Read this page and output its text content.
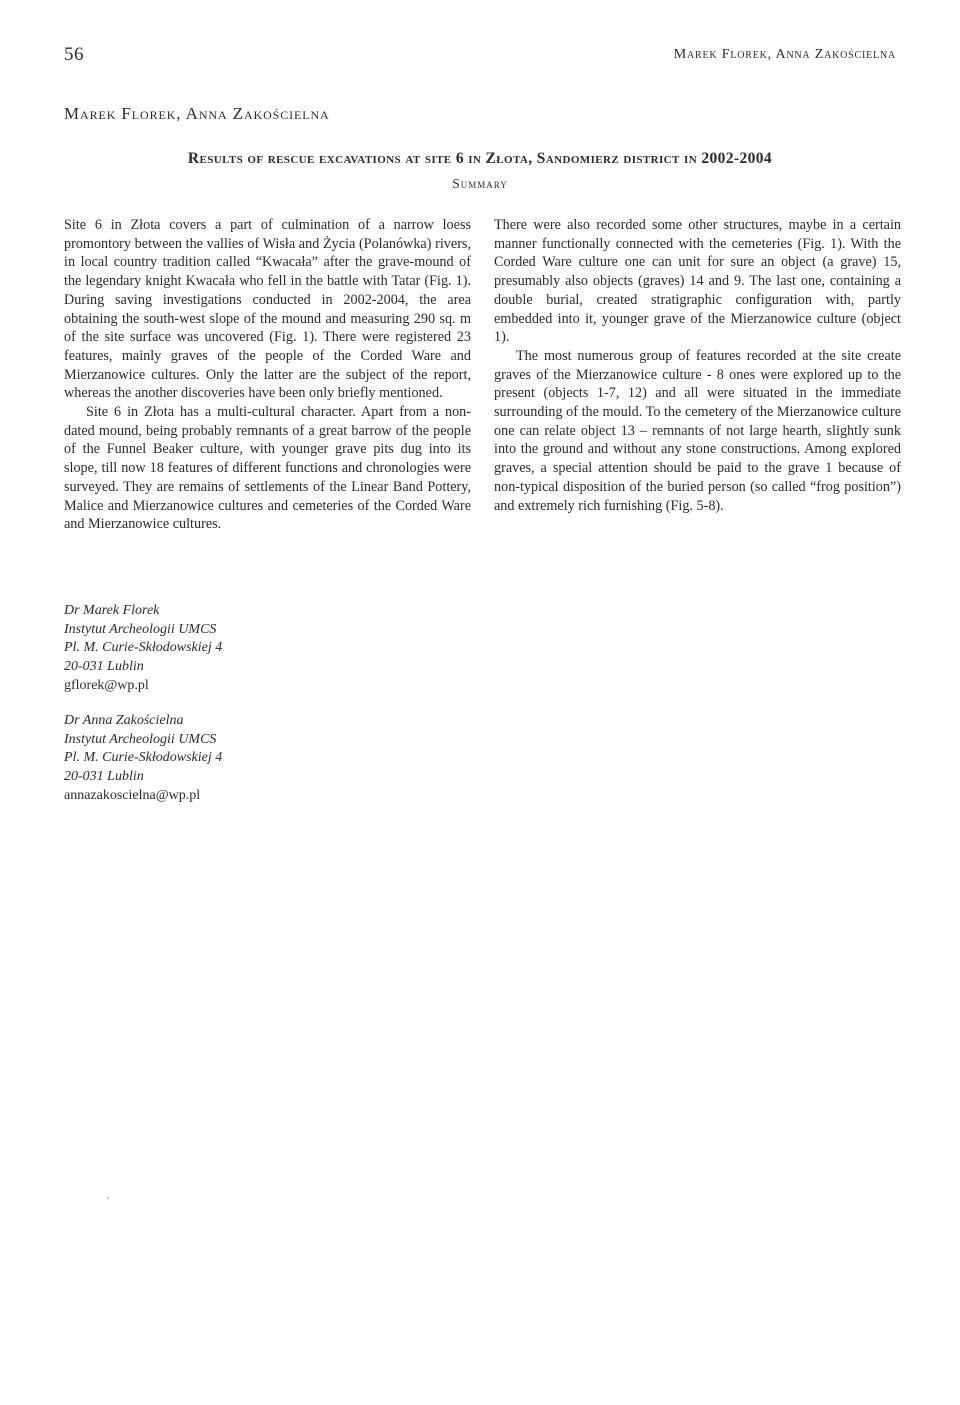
56	Marek Florek, Anna Zakościelna
Marek Florek, Anna Zakościelna
Results of rescue excavations at site 6 in Złota, Sandomierz district in 2002-2004
Summary

Site 6 in Złota covers a part of culmination of a narrow loess promontory between the vallies of Wisła and Życia (Polanówka) rivers, in local country tradition called “Kwacała” after the grave-mound of the legendary knight Kwacała who fell in the battle with Tatar (Fig. 1). During saving investigations conducted in 2002-2004, the area obtaining the south-west slope of the mound and measuring 290 sq. m of the site surface was uncovered (Fig. 1). There were registered 23 features, mainly graves of the people of the Corded Ware and Mierzanowice cultures. Only the latter are the subject of the report, whereas the another discoveries have been only briefly mentioned.

Site 6 in Złota has a multi-cultural character. Apart from a non-dated mound, being probably remnants of a great barrow of the people of the Funnel Beaker culture, with younger grave pits dug into its slope, till now 18 features of different functions and chronologies were surveyed. They are remains of settlements of the Linear Band Pottery, Malice and Mierzanowice cultures and cemeteries of the Corded Ware and Mierzanowice cultures.

There were also recorded some other structures, maybe in a certain manner functionally connected with the cemeteries (Fig. 1). With the Corded Ware culture one can unit for sure an object (a grave) 15, presumably also objects (graves) 14 and 9. The last one, containing a double burial, created stratigraphic configuration with, partly embedded into it, younger grave of the Mierzanowice culture (object 1).

The most numerous group of features recorded at the site create graves of the Mierzanowice culture - 8 ones were explored up to the present (objects 1-7, 12) and all were situated in the immediate surrounding of the mould. To the cemetery of the Mierzanowice culture one can relate object 13 – remnants of not large hearth, slightly sunk into the ground and without any stone constructions. Among explored graves, a special attention should be paid to the grave 1 because of non-typical disposition of the buried person (so called “frog position”) and extremely rich furnishing (Fig. 5-8).

Dr Marek Florek
Instytut Archeologii UMCS
Pl. M. Curie-Skłodowskiej 4
20-031 Lublin
gflorek@wp.pl
Dr Anna Zakościelna
Instytut Archeologii UMCS
Pl. M. Curie-Skłodowskiej 4
20-031 Lublin
annazakoscielna@wp.pl
